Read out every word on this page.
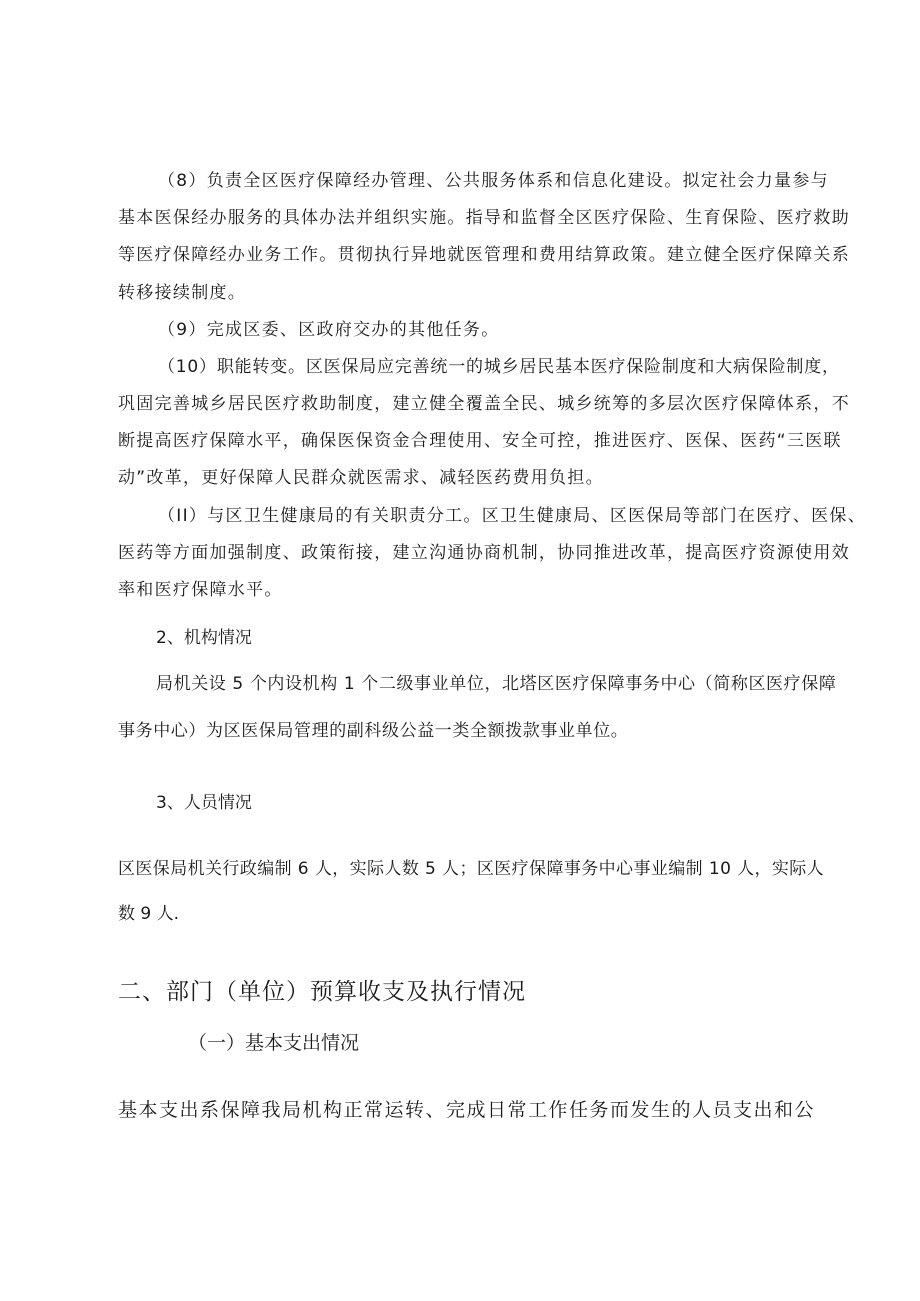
（8）负责全区医疗保障经办管理、公共服务体系和信息化建设。拟定社会力量参与
基本医保经办服务的具体办法并组织实施。指导和监督全区医疗保险、生育保险、医疗救助
等医疗保障经办业务工作。贯彻执行异地就医管理和费用结算政策。建立健全医疗保障关系
转移接续制度。
（9）完成区委、区政府交办的其他任务。
（10）职能转变。区医保局应完善统一的城乡居民基本医疗保险制度和大病保险制度，
巩固完善城乡居民医疗救助制度，建立健全覆盖全民、城乡统筹的多层次医疗保障体系，不
断提高医疗保障水平，确保医保资金合理使用、安全可控，推进医疗、医保、医药“三医联
动”改革，更好保障人民群众就医需求、减轻医药费用负担。
（II）与区卫生健康局的有关职责分工。区卫生健康局、区医保局等部门在医疗、医保、
医药等方面加强制度、政策衔接，建立沟通协商机制，协同推进改革，提高医疗资源使用效
率和医疗保障水平。
2、机构情况
局机关设 5 个内设机构 1 个二级事业单位，北塔区医疗保障事务中心（简称区医疗保障
事务中心）为区医保局管理的副科级公益一类全额拨款事业单位。
3、人员情况
区医保局机关行政编制 6 人，实际人数 5 人；区医疗保障事务中心事业编制 10 人，实际人
数 9 人.
二、部门（单位）预算收支及执行情况
（一）基本支出情况
基本支出系保障我局机构正常运转、完成日常工作任务而发生的人员支出和公
